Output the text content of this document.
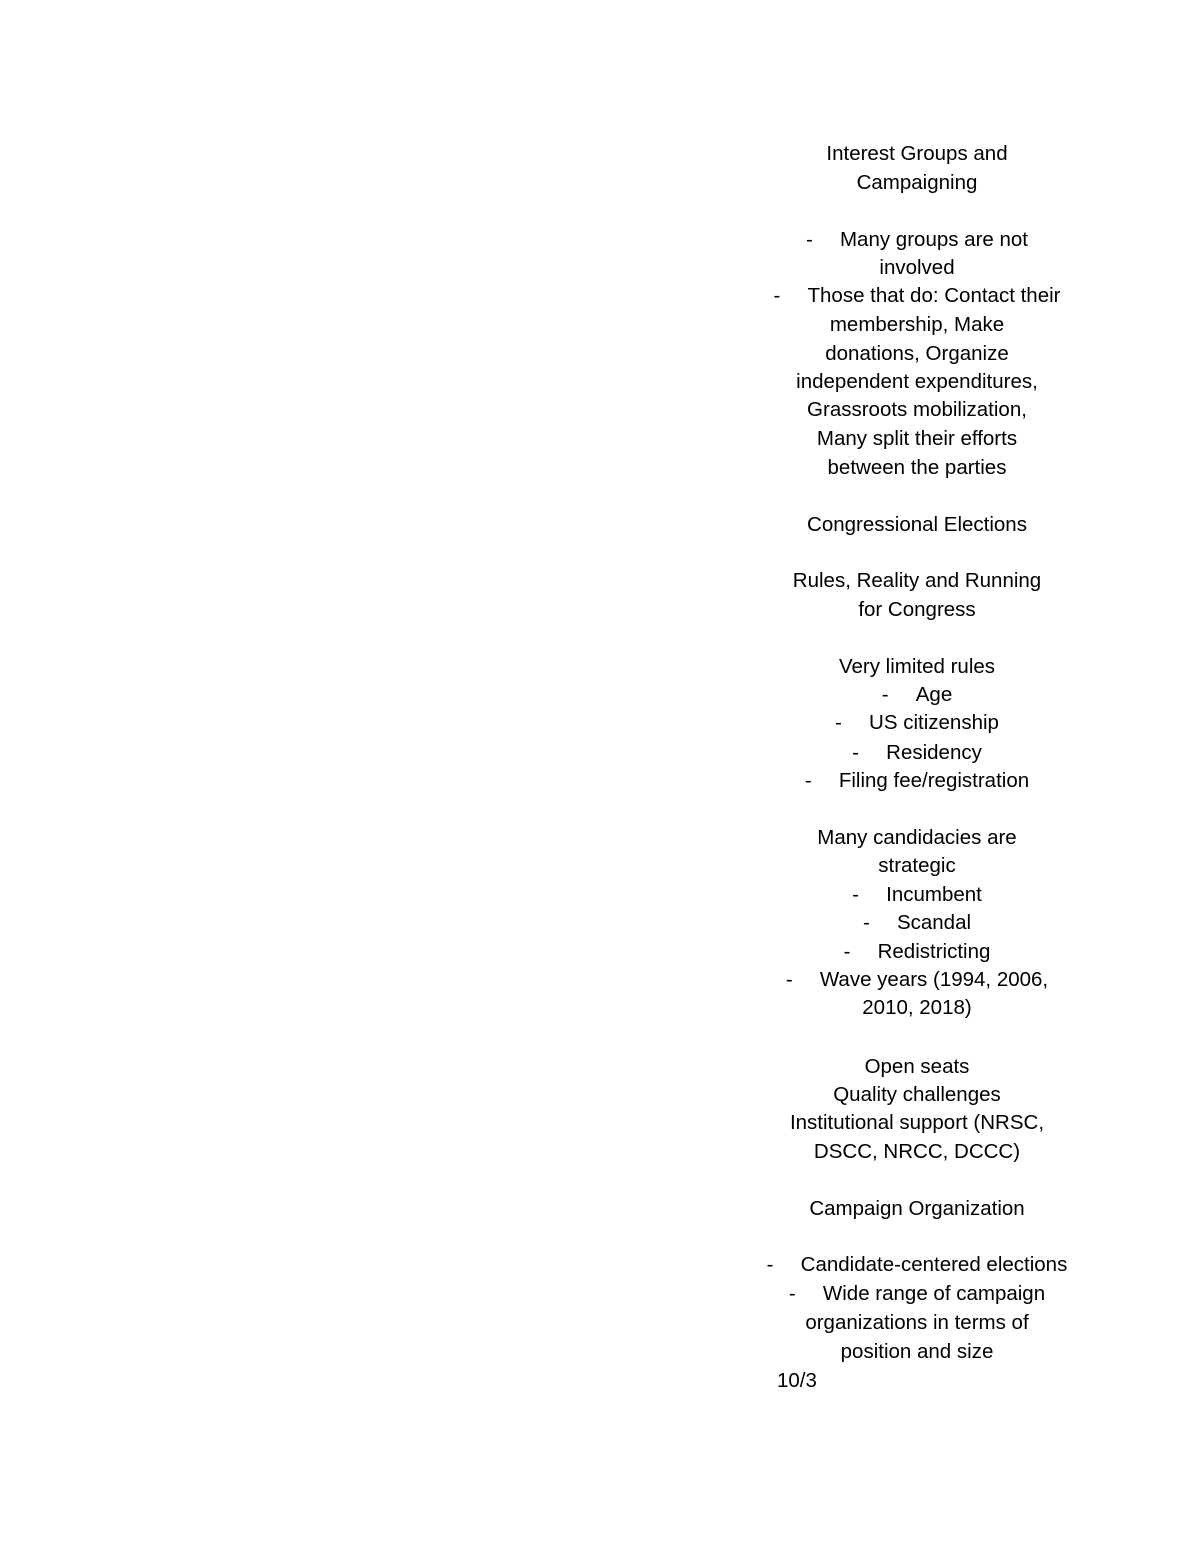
Interest Groups and
Campaigning
- Many groups are not
involved
- Those that do: Contact their
membership, Make
donations, Organize
independent expenditures,
Grassroots mobilization,
Many split their efforts
between the parties
Congressional Elections
Rules, Reality and Running
for Congress
Very limited rules
- Age
- US citizenship
- Residency
- Filing fee/registration
Many candidacies are
strategic
- Incumbent
- Scandal
- Redistricting
- Wave years (1994, 2006,
2010, 2018)
Open seats
Quality challenges
Institutional support (NRSC,
DSCC, NRCC, DCCC)
Campaign Organization
- Candidate-centered elections
- Wide range of campaign
organizations in terms of
position and size
10/3
